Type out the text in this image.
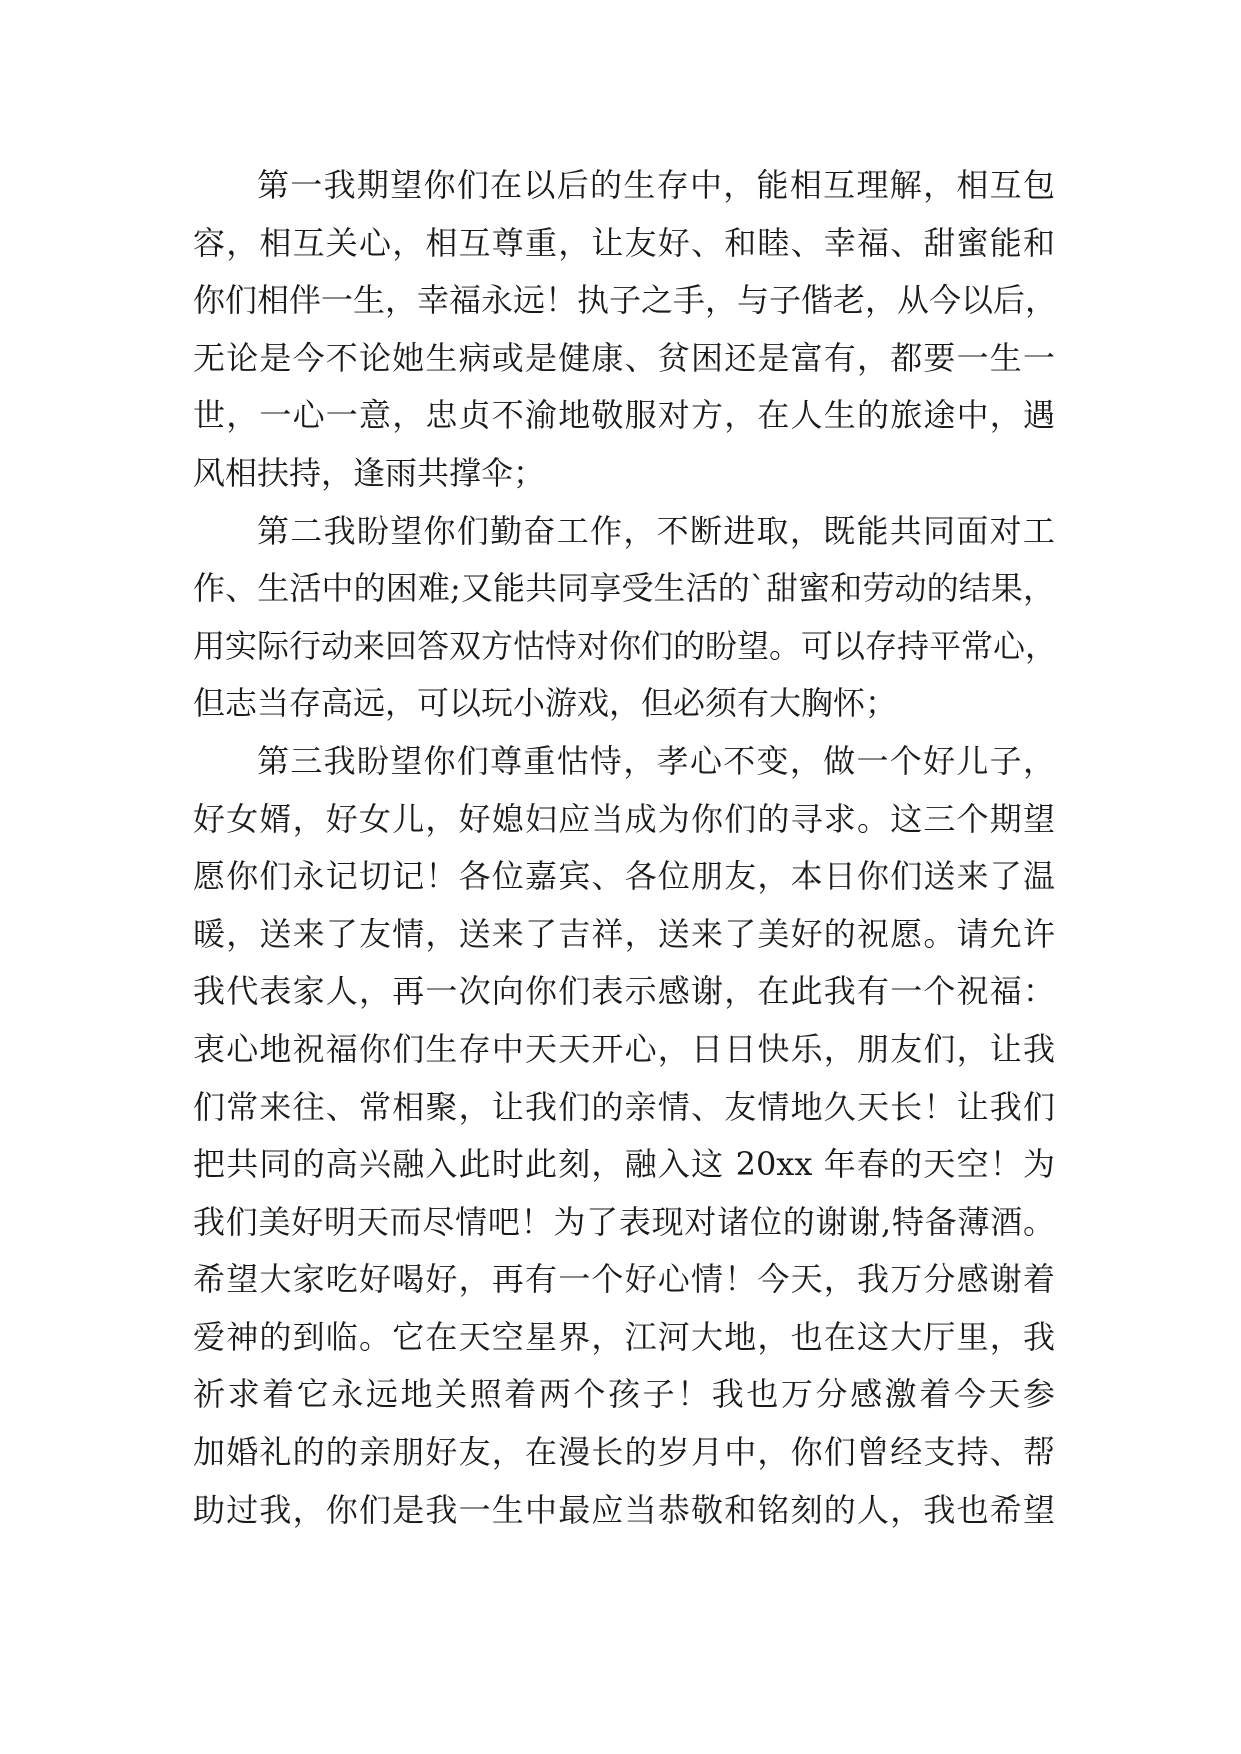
第一我期望你们在以后的生存中，能相互理解，相互包
容，相互关心，相互尊重，让友好、和睦、幸福、甜蜜能和
你们相伴一生，幸福永远！执子之手，与子偕老，从今以后，
无论是今不论她生病或是健康、贫困还是富有，都要一生一
世，一心一意，忠贞不渝地敬服对方，在人生的旅途中，遇
风相扶持，逢雨共撑伞；
第二我盼望你们勤奋工作，不断进取，既能共同面对工
作、生活中的困难;又能共同享受生活的`甜蜜和劳动的结果，
用实际行动来回答双方怙恃对你们的盼望。可以存持平常心，
但志当存高远，可以玩小游戏，但必须有大胸怀；
第三我盼望你们尊重怙恃，孝心不变，做一个好儿子，
好女婿，好女儿，好媳妇应当成为你们的寻求。这三个期望
愿你们永记切记！各位嘉宾、各位朋友，本日你们送来了温
暖，送来了友情，送来了吉祥，送来了美好的祝愿。请允许
我代表家人，再一次向你们表示感谢，在此我有一个祝福：
衷心地祝福你们生存中天天开心，日日快乐，朋友们，让我
们常来往、常相聚，让我们的亲情、友情地久天长！让我们
把共同的高兴融入此时此刻，融入这 20xx 年春的天空！为
我们美好明天而尽情吧！为了表现对诸位的谢谢,特备薄酒。
希望大家吃好喝好，再有一个好心情！今天，我万分感谢着
爱神的到临。它在天空星界，江河大地，也在这大厅里，我
祈求着它永远地关照着两个孩子！我也万分感激着今天参
加婚礼的的亲朋好友，在漫长的岁月中，你们曾经支持、帮
助过我，你们是我一生中最应当恭敬和铭刻的人，我也希望
